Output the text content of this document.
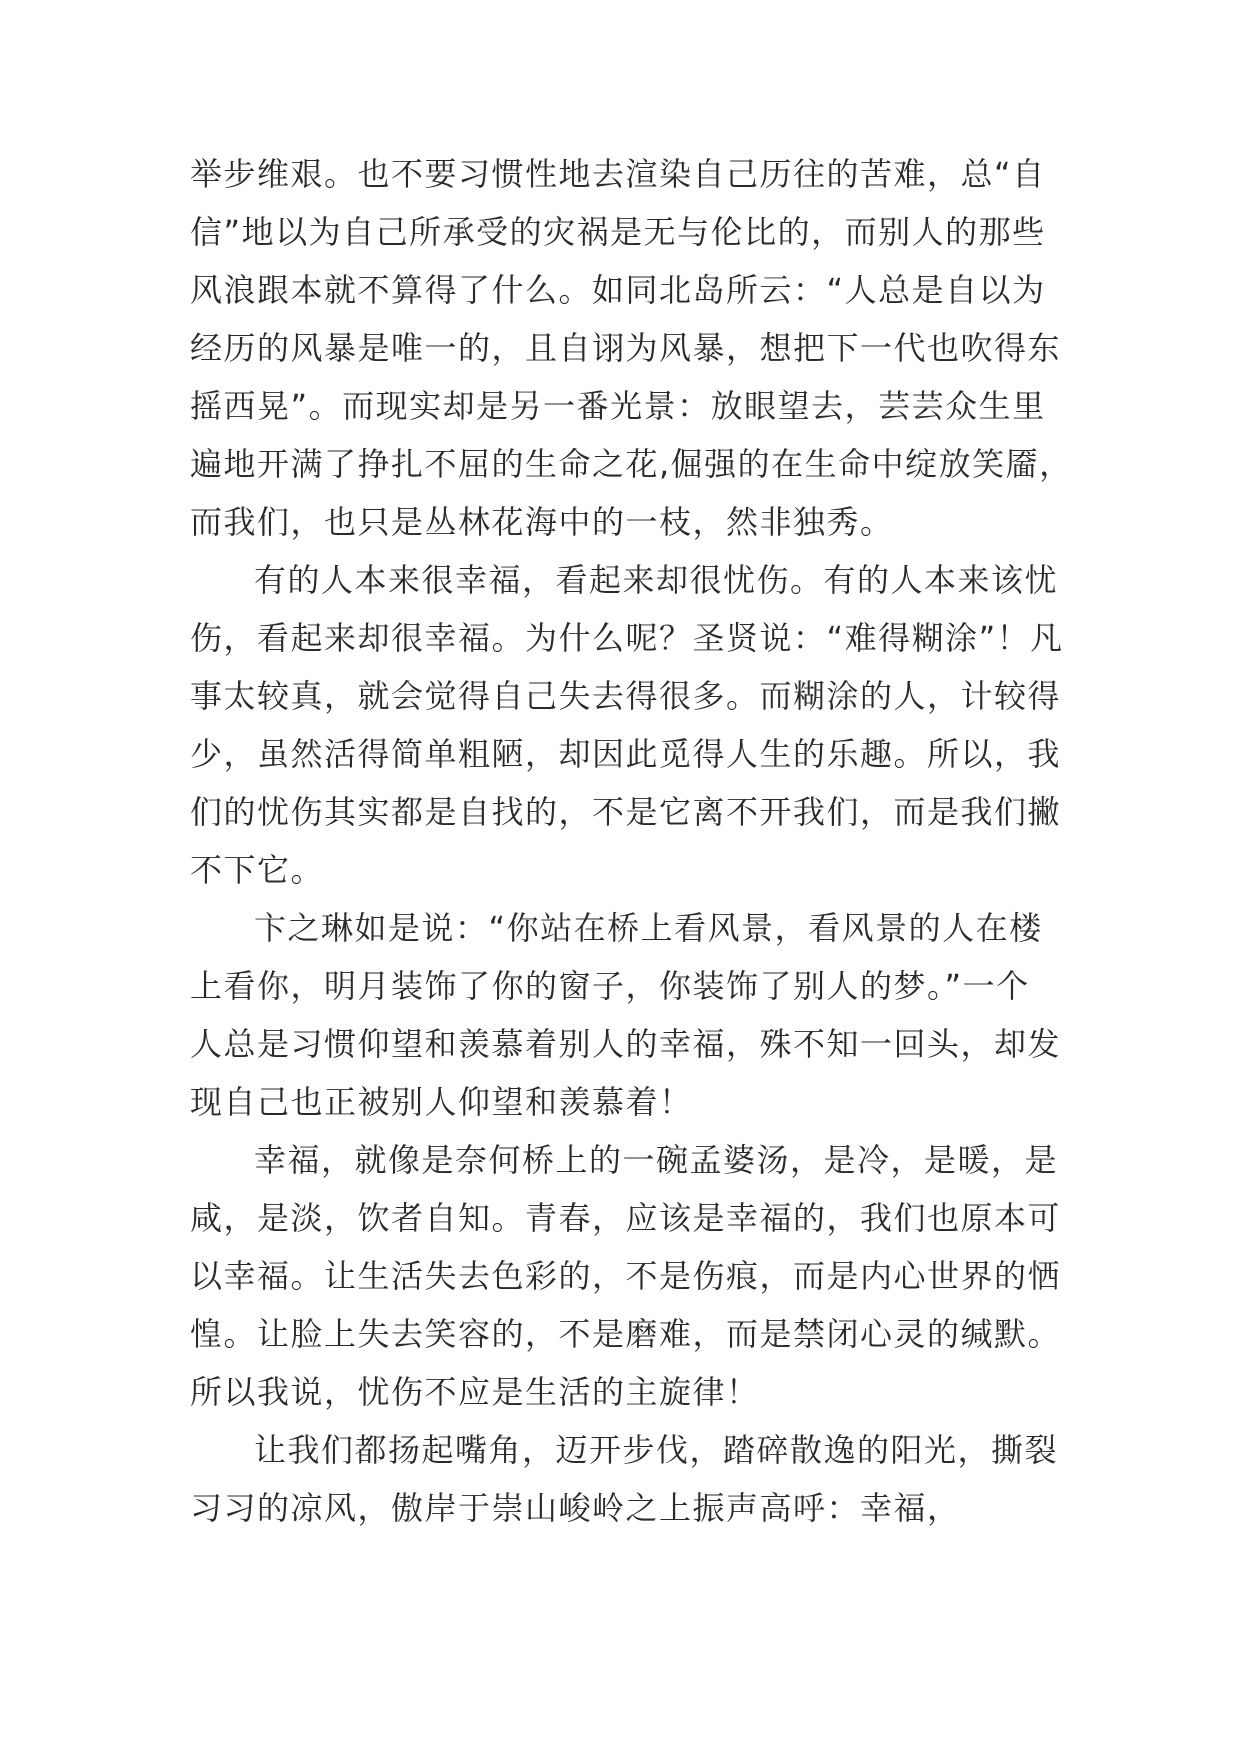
举步维艰。也不要习惯性地去渲染自己历往的苦难，总“自
信”地以为自己所承受的灾祸是无与伦比的，而别人的那些
风浪跟本就不算得了什么。如同北岛所云：“人总是自以为
经历的风暴是唯一的，且自诩为风暴，想把下一代也吹得东
摇西晃”。而现实却是另一番光景：放眼望去，芸芸众生里
遍地开满了挣扎不屈的生命之花,倔强的在生命中绽放笑靥，
而我们，也只是丛林花海中的一枝，然非独秀。
有的人本来很幸福，看起来却很忧伤。有的人本来该忧
伤，看起来却很幸福。为什么呢？圣贤说：“难得糊涂”！凡
事太较真，就会觉得自己失去得很多。而糊涂的人，计较得
少，虽然活得简单粗陋，却因此觅得人生的乐趣。所以，我
们的忧伤其实都是自找的，不是它离不开我们，而是我们撇
不下它。
卞之琳如是说：“你站在桥上看风景，看风景的人在楼
上看你，明月装饰了你的窗子，你装饰了别人的梦。”一个
人总是习惯仰望和羡慕着别人的幸福，殊不知一回头，却发
现自己也正被别人仰望和羡慕着！
幸福，就像是奈何桥上的一碗孟婆汤，是冷，是暖，是
咸，是淡，饮者自知。青春，应该是幸福的，我们也原本可
以幸福。让生活失去色彩的，不是伤痕，而是内心世界的恓
惶。让脸上失去笑容的，不是磨难，而是禁闭心灵的缄默。
所以我说，忧伤不应是生活的主旋律！
让我们都扬起嘴角，迈开步伐，踏碎散逸的阳光，撕裂
习习的凉风，傲岸于崇山峻岭之上振声高呼：幸福，
